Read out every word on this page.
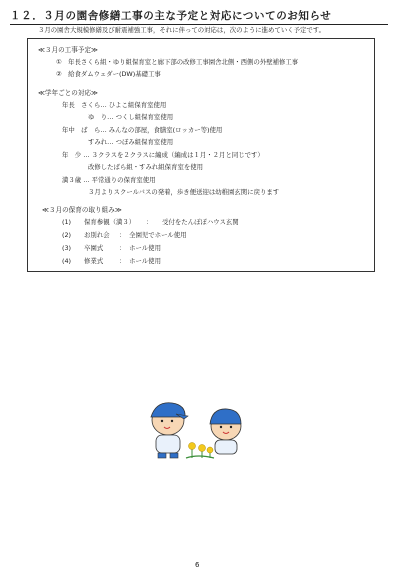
１２．３月の園舎修繕工事の主な予定と対応についてのお知らせ
３月の園舎大規模修繕及び耐震補強工事，それに伴っての対応は，次のように進めていく予定です。
≪３月の工事予定≫
①　年長さくら組・ゆり組保育室と廊下部の改修工事園舎北側・西側の外壁補修工事
②　給食ダムウェダー(DW)基礎工事
≪学年ごとの対応≫
年長　さくら… ひよこ組保育室使用
ゆ　り… つくし組保育室使用
年中　ば　ら… みんなの部屋，食膳室(ロッカー等)使用
すみれ… つぼみ組保育室使用
年　少 … ３クラスを２クラスに編成（編成は１月・２月と同じです）
改修したばら組・すみれ組保育室を使用
満３歳 … 平常通りの保育室使用
３月よりスクールバスの発着，歩き便送迎は幼稚園玄関に戻ります
≪３月の保育の取り組み≫
(1) 保育参観（満３） ： 受付をたんぽぽハウス玄関
(2) お別れ会 ： 全園児でホール使用
(3) 卒園式 ： ホール使用
(4) 修業式 ： ホール使用
6
